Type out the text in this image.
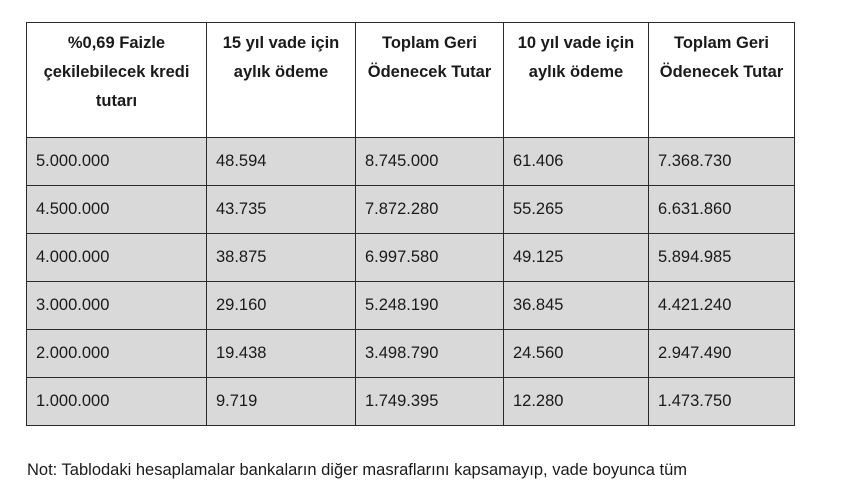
%0,69 Faizle çekilebilecek kredi tutarı	15 yıl vade için aylık ödeme	Toplam Geri Ödenecek Tutar	10 yıl vade için aylık ödeme	Toplam Geri Ödenecek Tutar
5.000.000	48.594	8.745.000	61.406	7.368.730
4.500.000	43.735	7.872.280	55.265	6.631.860
4.000.000	38.875	6.997.580	49.125	5.894.985
3.000.000	29.160	5.248.190	36.845	4.421.240
2.000.000	19.438	3.498.790	24.560	2.947.490
1.000.000	9.719	1.749.395	12.280	1.473.750
Not: Tablodaki hesaplamalar bankaların diğer masraflarını kapsamayıp, vade boyunca tüm
